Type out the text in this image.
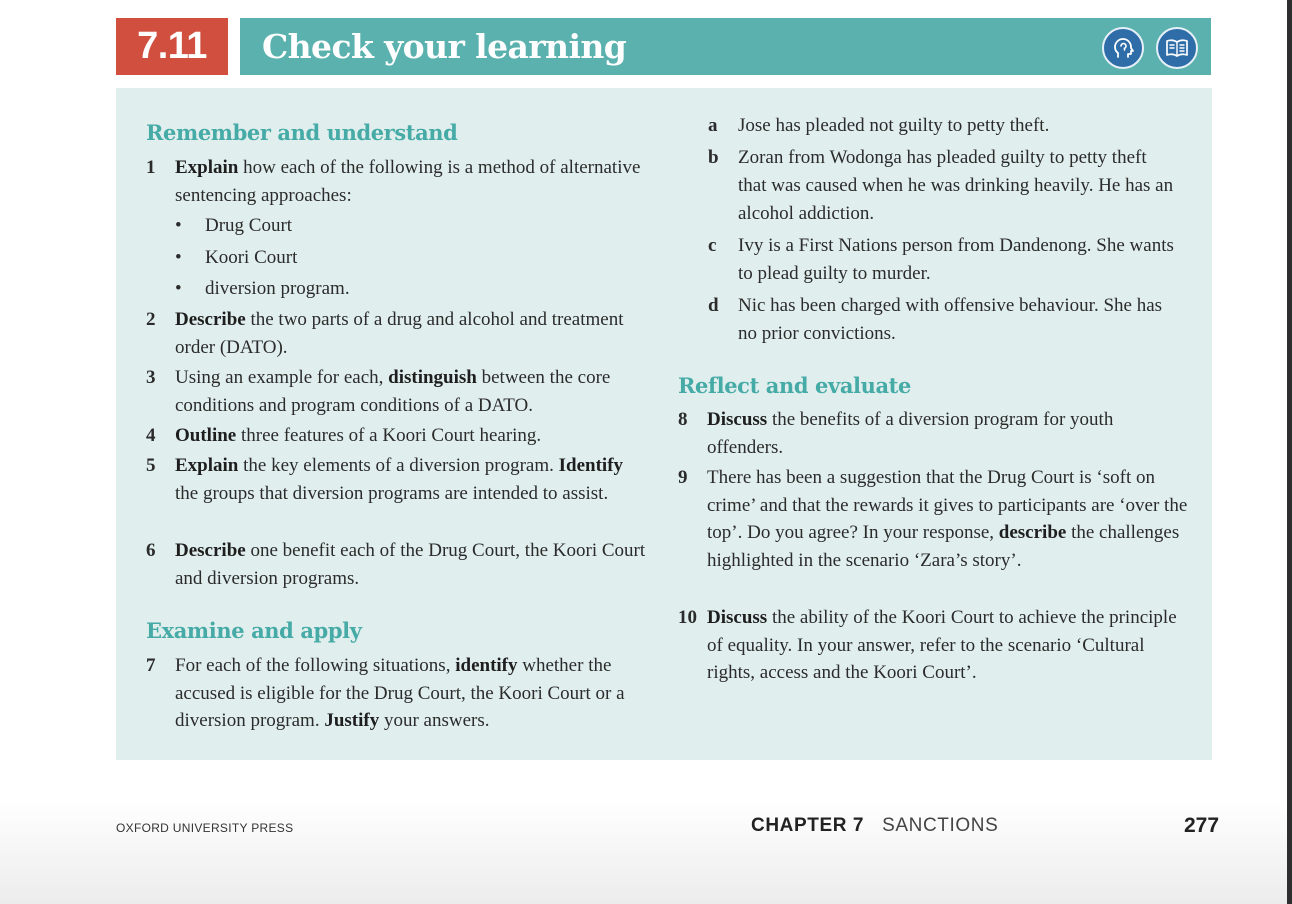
7.11	Check your learning
Remember and understand
1 Explain how each of the following is a method of alternative sentencing approaches:
• Drug Court
• Koori Court
• diversion program.
2 Describe the two parts of a drug and alcohol and treatment order (DATO).
3 Using an example for each, distinguish between the core conditions and program conditions of a DATO.
4 Outline three features of a Koori Court hearing.
5 Explain the key elements of a diversion program. Identify the groups that diversion programs are intended to assist.
6 Describe one benefit each of the Drug Court, the Koori Court and diversion programs.
Examine and apply
7 For each of the following situations, identify whether the accused is eligible for the Drug Court, the Koori Court or a diversion program. Justify your answers.
a Jose has pleaded not guilty to petty theft.
b Zoran from Wodonga has pleaded guilty to petty theft that was caused when he was drinking heavily. He has an alcohol addiction.
c Ivy is a First Nations person from Dandenong. She wants to plead guilty to murder.
d Nic has been charged with offensive behaviour. She has no prior convictions.
Reflect and evaluate
8 Discuss the benefits of a diversion program for youth offenders.
9 There has been a suggestion that the Drug Court is ‘soft on crime’ and that the rewards it gives to participants are ‘over the top’. Do you agree? In your response, describe the challenges highlighted in the scenario ‘Zara’s story’.
10 Discuss the ability of the Koori Court to achieve the principle of equality. In your answer, refer to the scenario ‘Cultural rights, access and the Koori Court’.
OXFORD UNIVERSITY PRESS	CHAPTER 7 SANCTIONS	277
